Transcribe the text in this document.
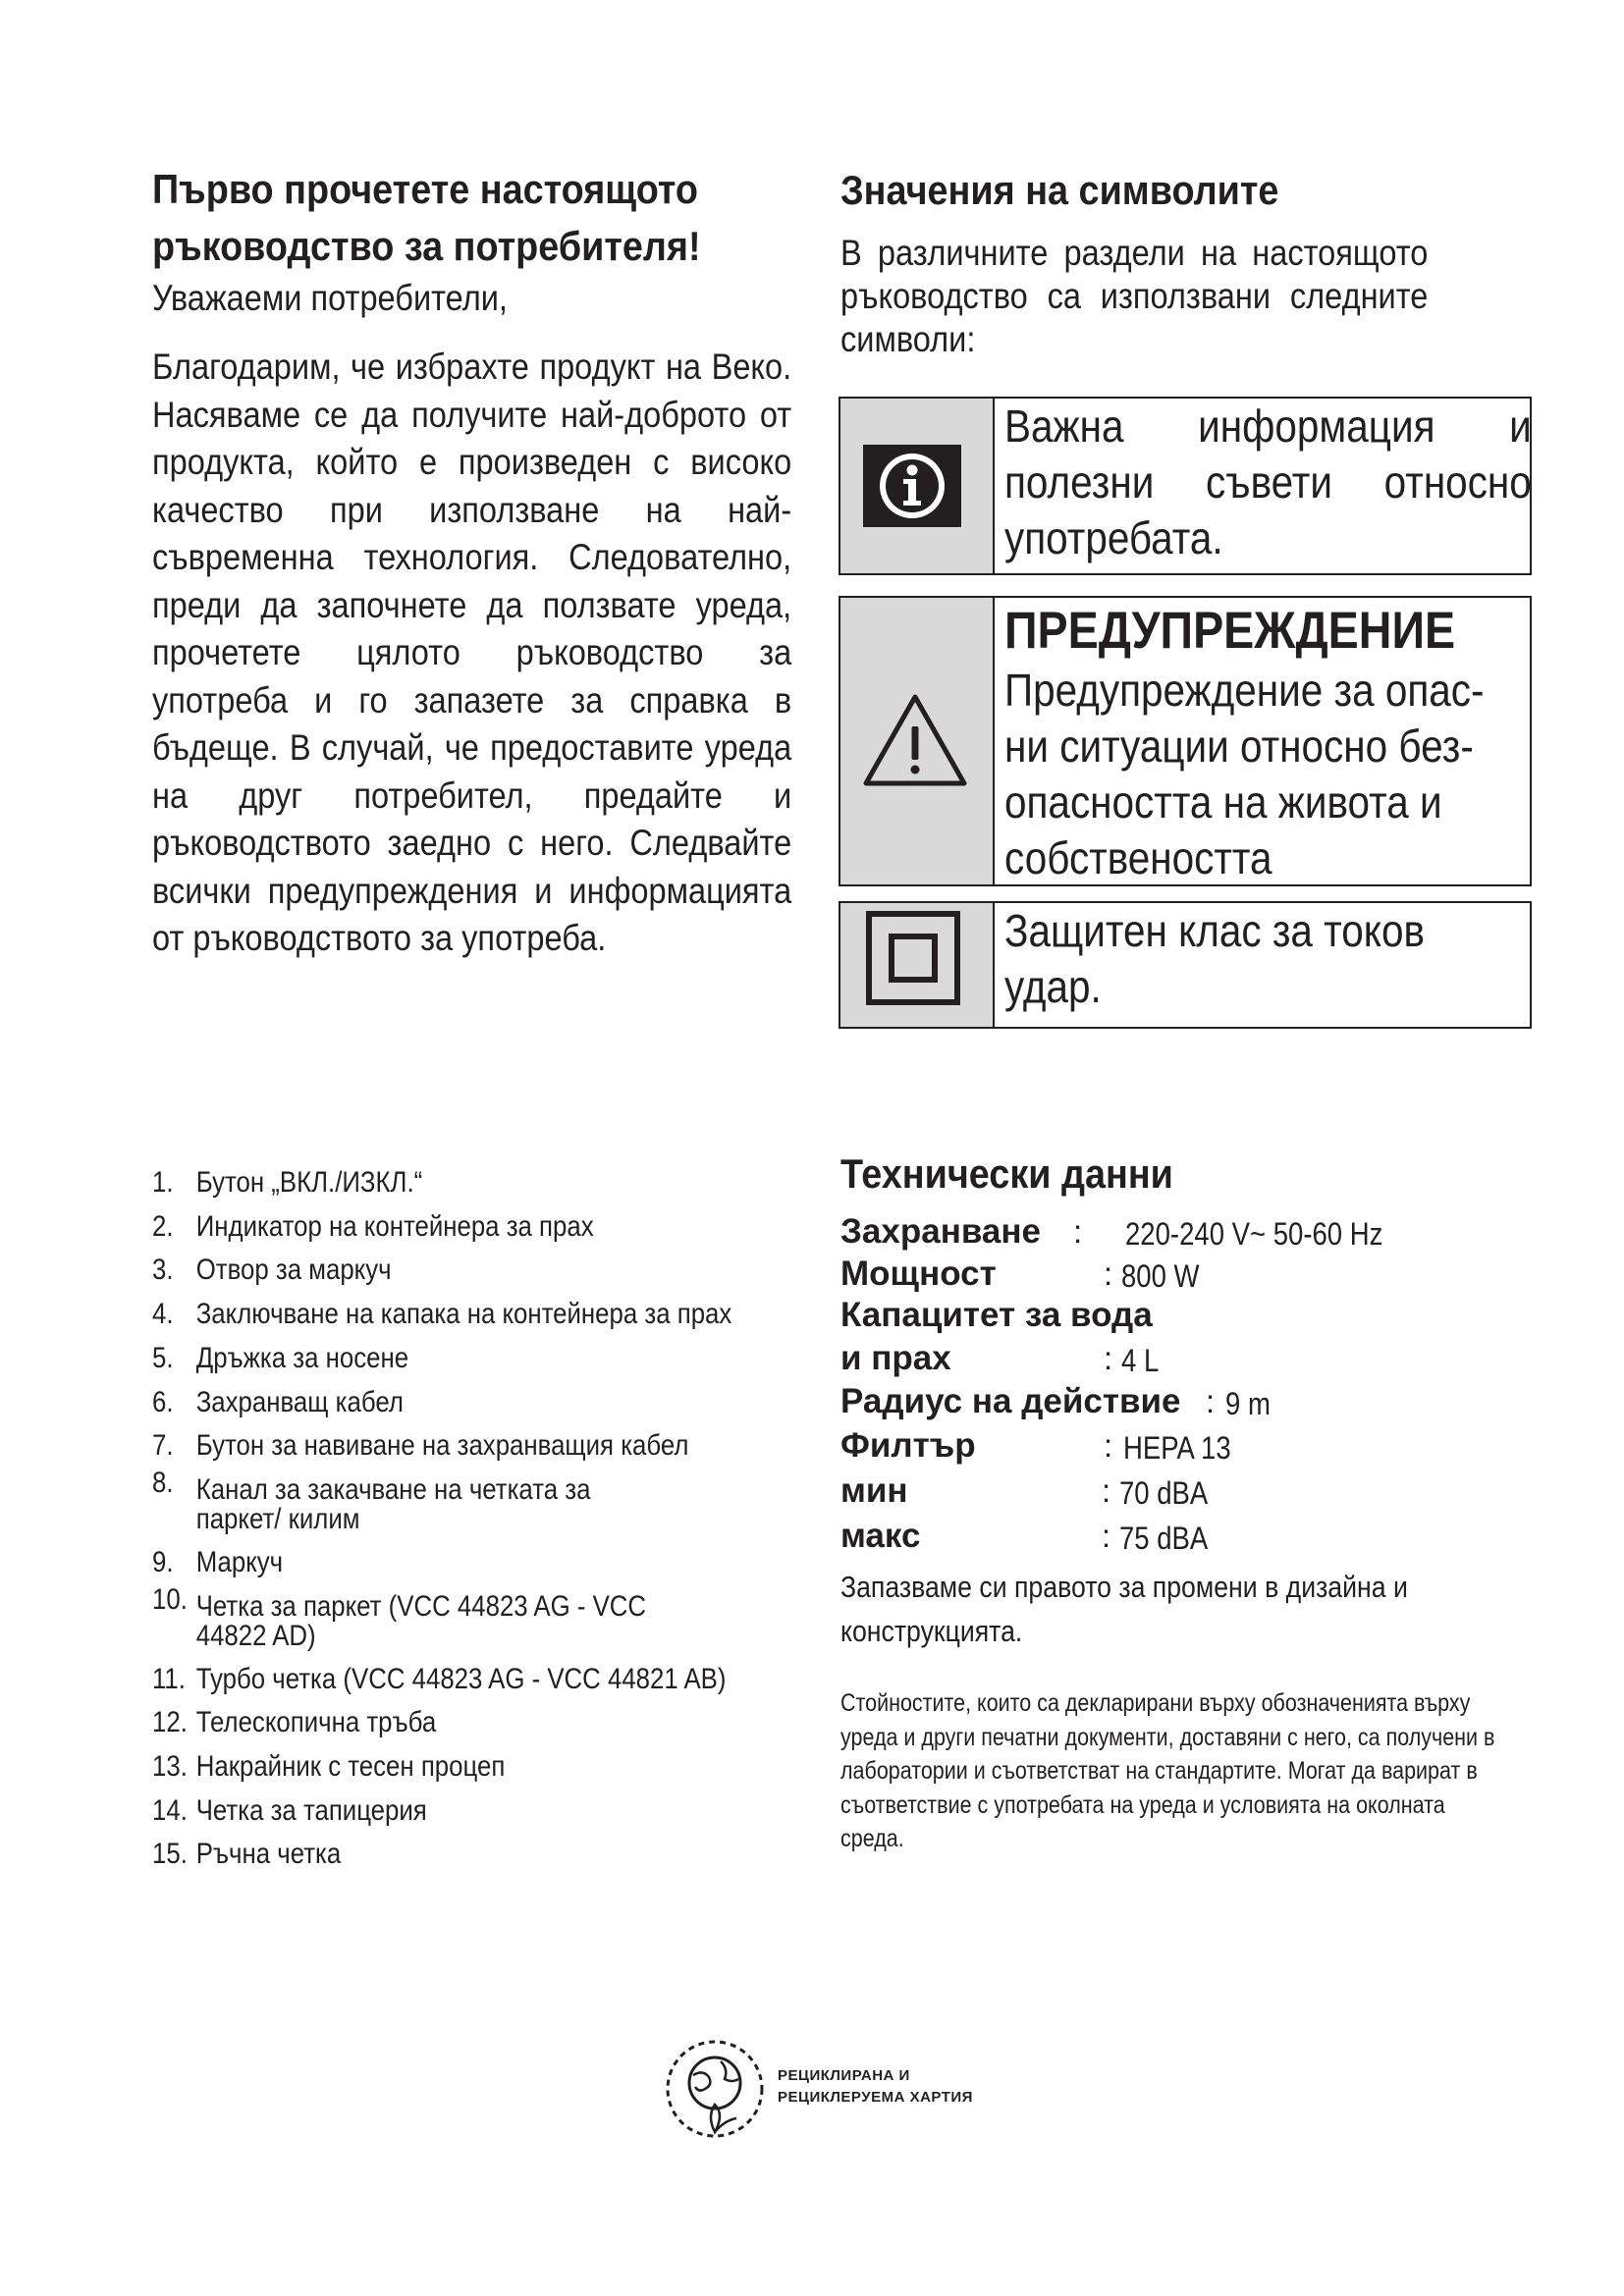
Първо прочетете настоящото
ръководство за потребителя!
Уважаеми потребители,
Благодарим, че избрахте продукт на Веко. Насяваме се да получите най-доброто от продукта, който е произведен с високо качество при използване на най-съвременна технология. Следователно, преди да започнете да ползвате уреда, прочетете цялото ръководство за употреба и го запазете за справка в бъдеще. В случай, че предоставите уреда на друг потребител, предайте и ръководството заедно с него. Следвайте всички предупреждения и информацията от ръководството за употреба.
Значения на символите
В различните раздели на настоящото ръководство са използвани следните символи:
Важна информация и полезни съвети относно употребата.
ПРЕДУПРЕЖДЕНИЕ
Предупреждение за опас-ни ситуации относно без-опасността на живота и собствеността
Защитен клас за токов удар.
1. Бутон „ВКЛ./ИЗКЛ.“
2. Индикатор на контейнера за прах
3. Отвор за маркуч
4. Заключване на капака на контейнера за прах
5. Дръжка за носене
6. Захранващ кабел
7. Бутон за навиване на захранващия кабел
8. Канал за закачване на четката за паркет/ килим
9. Маркуч
10. Четка за паркет (VCC 44823 AG - VCC 44822 AD)
11. Турбо четка (VCC 44823 AG - VCC 44821 AB)
12. Телескопична тръба
13. Накрайник с тесен процеп
14. Четка за тапицерия
15. Ръчна четка
Технически данни
Захранване : 220-240 V~ 50-60 Hz
Мощност	: 800 W
Капацитет за вода
и прах	: 4 L
Радиус на действие : 9 m
Филтър	: HEPA 13
мин	: 70 dBA
макс	: 75 dBA
Запазваме си правото за промени в дизайна и конструкцията.
Стойностите, които са декларирани върху обозначенията върху уреда и други печатни документи, доставяни с него, са получени в лаборатории и съответстват на стандартите. Могат да варират в съответствие с употребата на уреда и условията на околната среда.
РЕЦИКЛИРАНА И
РЕЦИКЛЕРУЕМА ХАРТИЯ
